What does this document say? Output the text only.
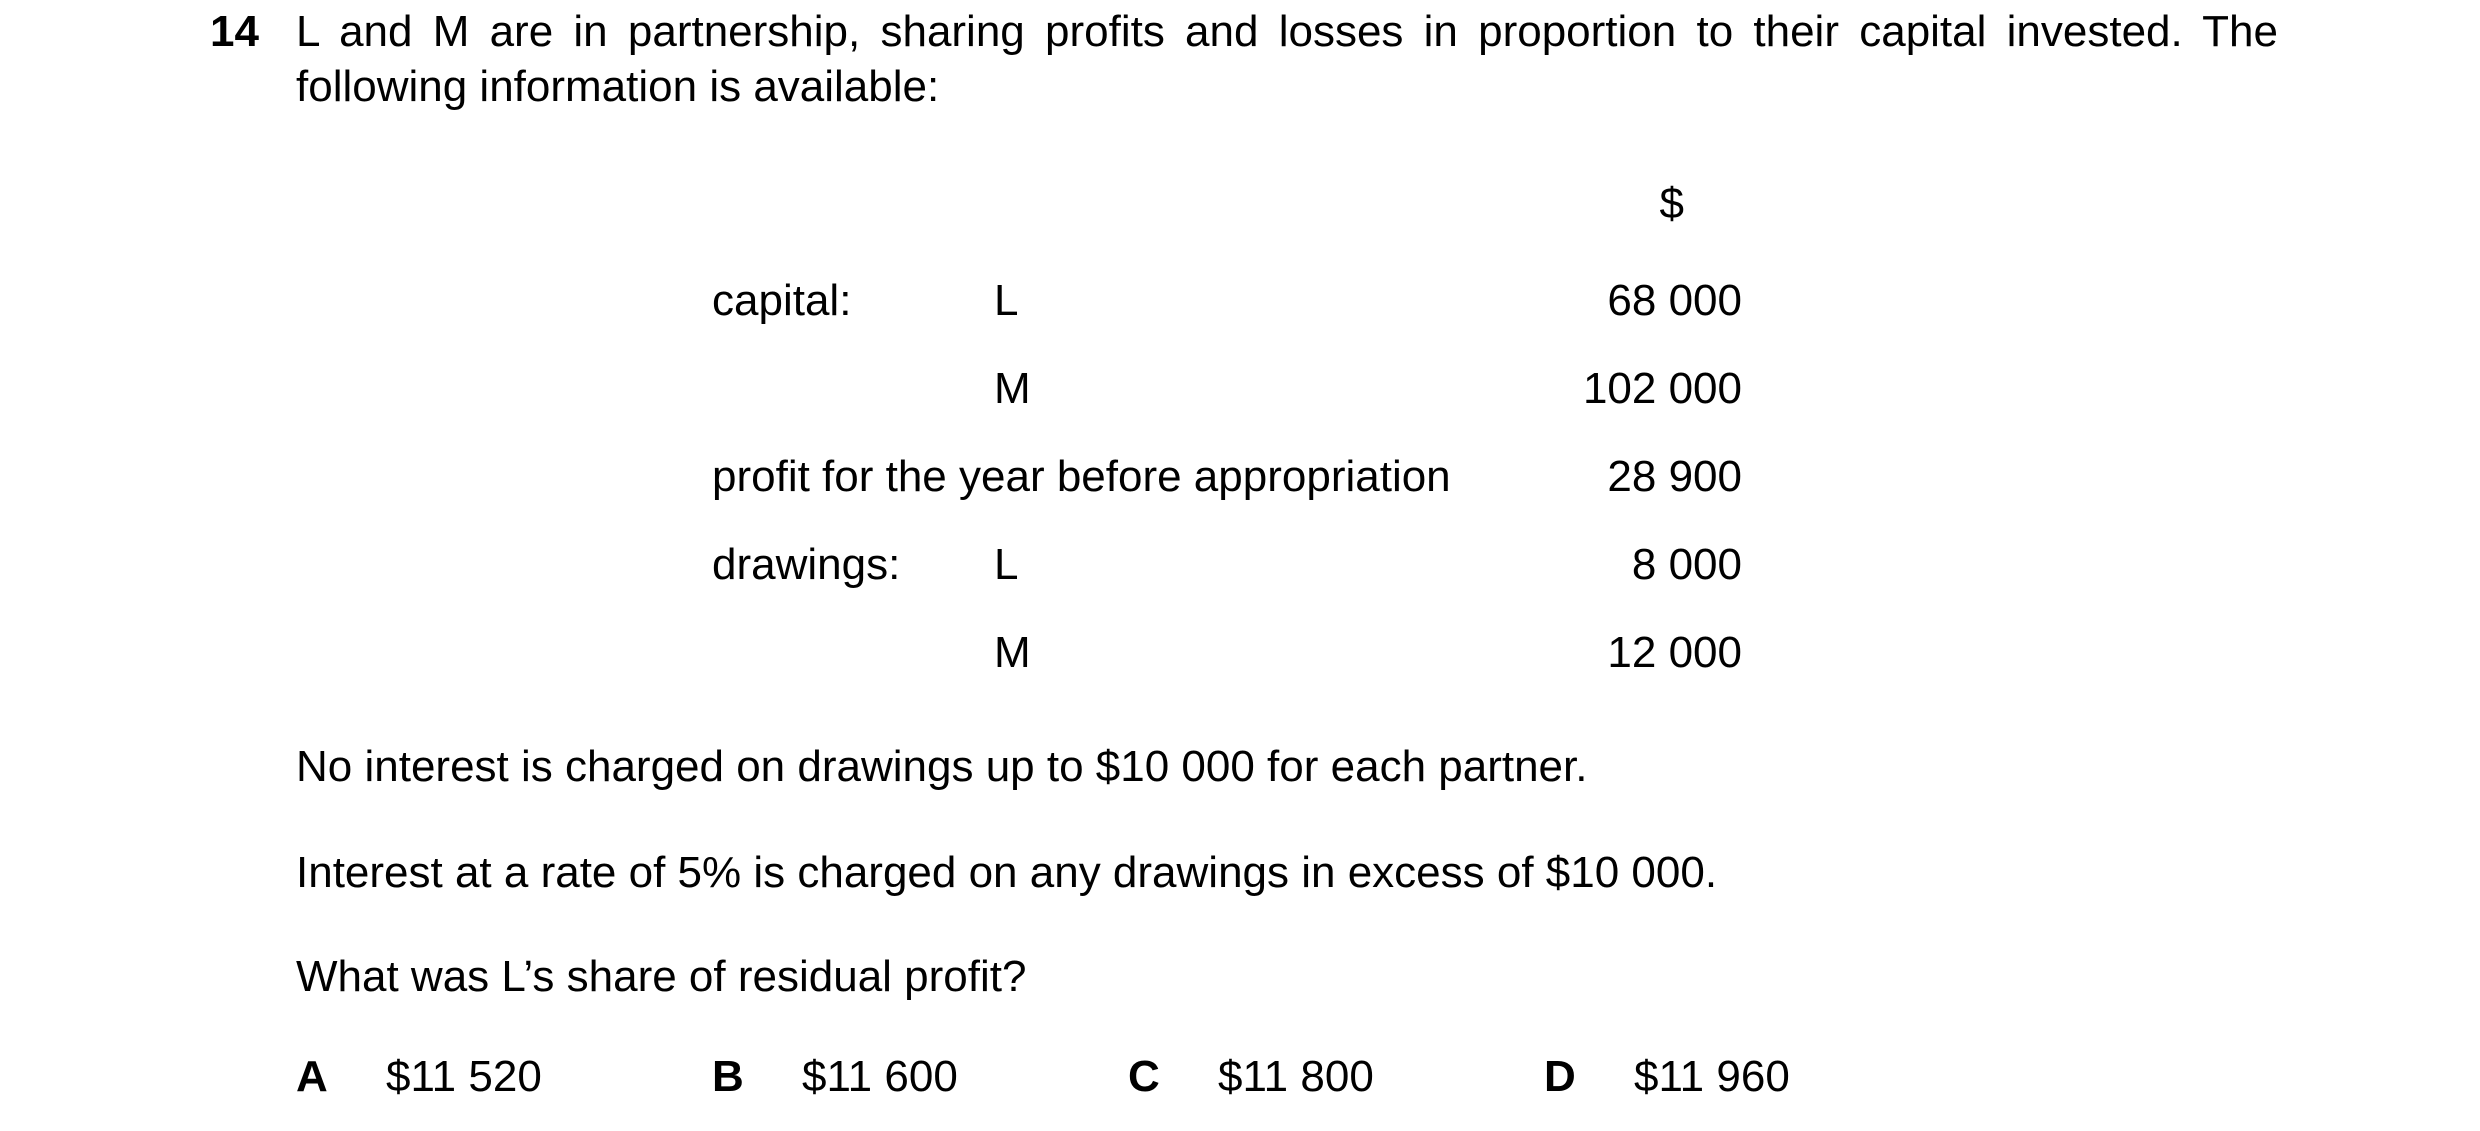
14 L and M are in partnership, sharing profits and losses in proportion to their capital invested. The following information is available:
$
capital:	L	68 000
M	102 000
profit for the year before appropriation	28 900
drawings: L	8 000
M	12 000
No interest is charged on drawings up to $10 000 for each partner.
Interest at a rate of 5% is charged on any drawings in excess of $10 000.
What was L’s share of residual profit?
A $11 520	B $11 600	C $11 800	D $11 960
